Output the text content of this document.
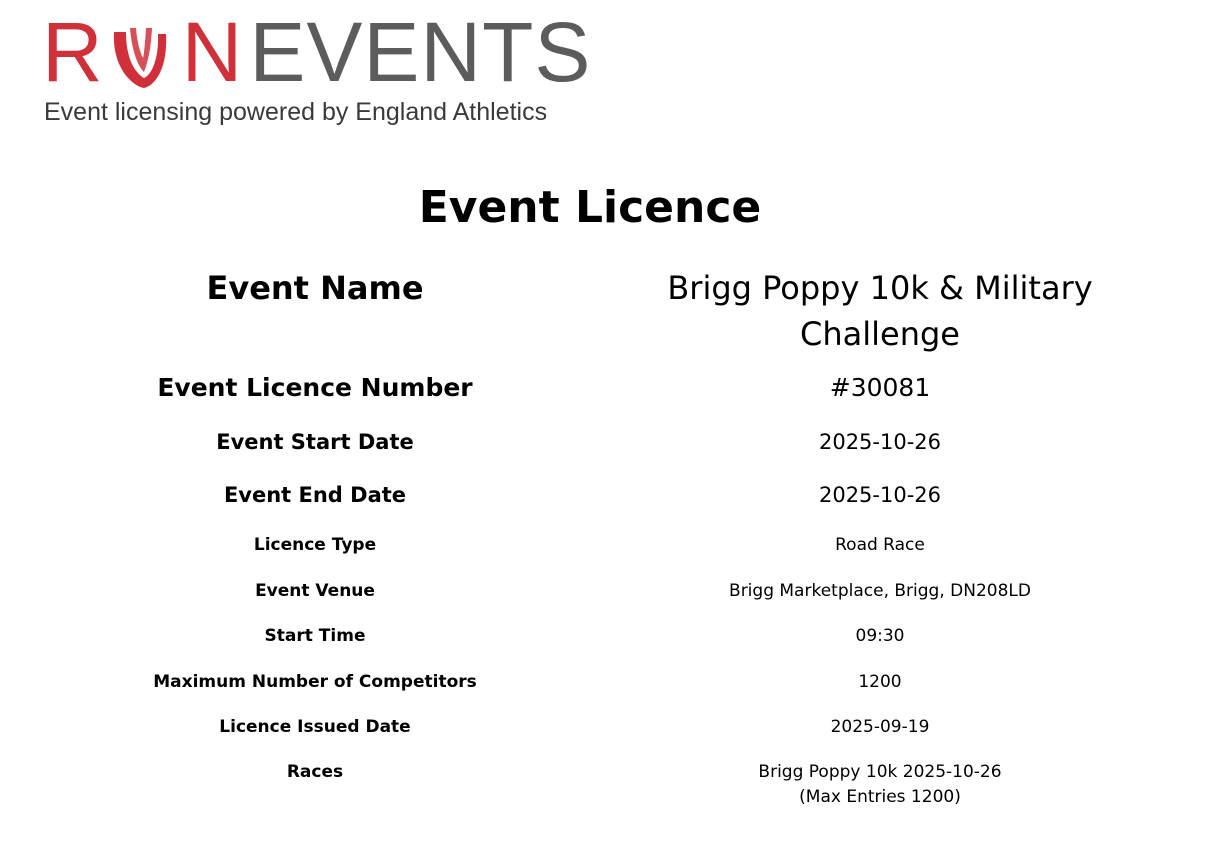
R N EVENTS
Event licensing powered by England Athletics
Event Licence
Event Name	Brigg Poppy 10k & Military Challenge
Event Licence Number	#30081
Event Start Date	2025-10-26
Event End Date	2025-10-26
Licence Type	Road Race
Event Venue	Brigg Marketplace, Brigg, DN208LD
Start Time	09:30
Maximum Number of Competitors	1200
Licence Issued Date	2025-09-19
Races	Brigg Poppy 10k 2025-10-26
(Max Entries 1200)
